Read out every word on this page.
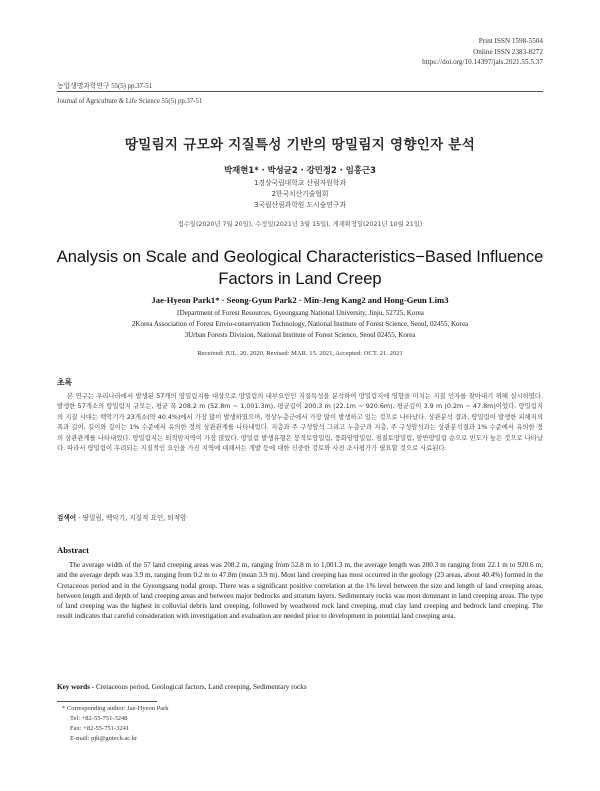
Print ISSN 1598-5504
Online ISSN 2383-8272
https://doi.org/10.14397/jals.2021.55.5.37
농업생명과학연구 55(5) pp.37-51
Journal of Agriculture & Life Science 55(5) pp.37-51
땅밀림지 규모와 지질특성 기반의 땅밀림지 영향인자 분석
박재현1* · 박성균2 · 강민정2 · 임홍근3
1경상국립대학교 산림자원학과
2한국치산기술협회
3국립산림과학원 도시숲연구과
접수일(2020년 7월 20일), 수정일(2021년 3월 15일), 게재확정일(2021년 10월 21일)
Analysis on Scale and Geological Characteristics−Based Influence Factors in Land Creep
Jae-Hyeon Park1* · Seong-Gyun Park2 · Min-Jeng Kang2 and Hong-Geun Lim3
1Department of Forest Resources, Gyeongsang National University, Jinju, 52725, Korea
2Korea Association of Forest Envio-conservation Technology, National Institute of Forest Science, Seoul, 02455, Korea
3Urban Forests Division, National Institute of Forest Science, Seoul 02455, Korea
Received: JUL. 20. 2020, Revised: MAR. 15. 2021, Accepted: OCT. 21. 2021
초록

본 연구는 우리나라에서 발생된 57개의 땅밀림지를 대상으로 땅밀림의 내부요인인 지질특성을 분석하여 땅밀림지에 영향을 미치는 지질 인자를 찾아내기 위해 실시하였다. 발생한 57개소의 땅밀림지 규모는, 평균 폭 208.2 m (52.8m ~ 1,001.3m), 평균길이 200.3 m (22.1m ~ 920.6m), 평균깊이 3.9 m (0.2m ~ 47.8m)이었다. 땅밀림지의 지질 시대는 백악기가 23개소(약 40.4%)에서 가장 많이 발생하였으며, 경상누층군에서 가장 많이 발생하고 있는 것으로 나타났다. 상관분석 결과, 땅밀림이 발생한 피해지의 폭과 길이, 길이와 깊이는 1% 수준에서 유의한 정의 상관관계를 나타내었다. 지층과 주 구성암석 그리고 누층군과 지층, 주 구성암석과는 상관분석결과 1% 수준에서 유의한 정의 상관관계를 나타내었다. 땅밀림지는 퇴적암지역이 가장 많았다. 땅밀림 발생유형은 붕적토땅밀림, 풍화암땅밀림, 점질토땅밀림, 암반땅밀림 순으로 빈도가 높은 것으로 나타났다. 따라서 땅밀림이 우려되는 지질적인 요인을 가진 지역에 대해서는 개발 등에 대한 신중한 검토와 사전 조사평가가 필요할 것으로 사료된다.

검색어 - 땅밀림, 백악기, 지질적 요인, 퇴적암
Abstract

The average width of the 57 land creeping areas was 208.2 m, ranging from 52.8 m to 1,001.3 m, the average length was 200.3 m ranging from 22.1 m to 920.6 m, and the average depth was 3.9 m, ranging from 0.2 m to 47.8m (mean 3.9 m). Most land creeping has most occurred in the geology (23 areas, about 40.4%) formed in the Cretaceous period and in the Gyeongsang nodal group. There was a significant positive correlation at the 1% level between the size and length of land creeping areas, between length and depth of land creeping areas and between major bedrocks and stratum layers. Sedimentary rocks was most dominant in land creeping areas. The type of land creeping was the highest in colluvial debris land creeping, followed by weathered rock land creeping, mud clay land creeping and bedrock land creeping. The result indicates that careful consideration with investigation and evaluation are needed prior to development in potential land creeping area.

Key words - Cretaceous period, Geological factors, Land creeping, Sedimentary rocks
* Corresponding author: Jae-Hyeon Park
Tel: +82-55-751-3248
Fax: +82-55-751-3241
E-mail: pjh@gntech.ac.kr
